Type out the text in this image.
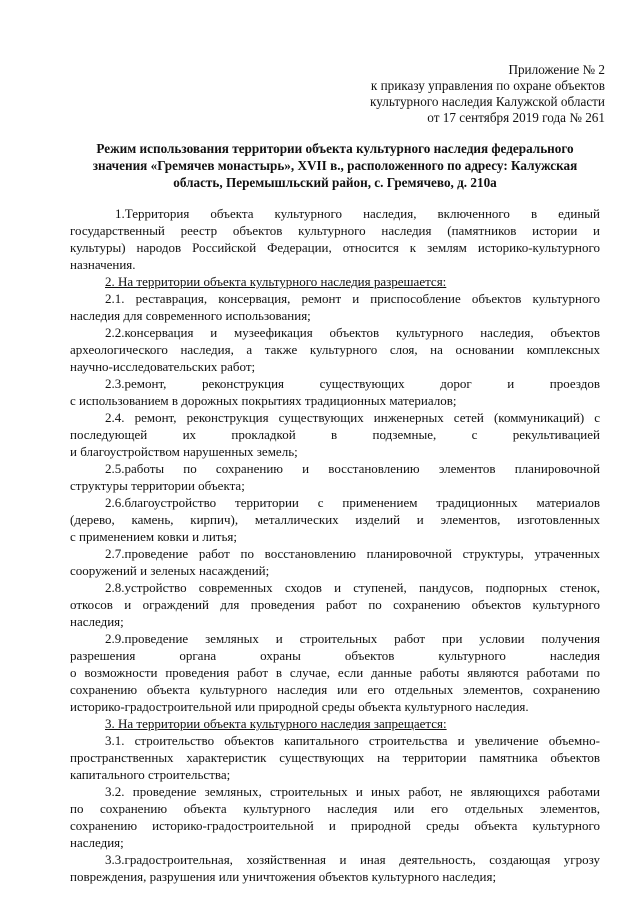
Приложение № 2
к приказу управления по охране объектов
культурного наследия Калужской области
от 17 сентября 2019 года № 261
Режим использования территории объекта культурного наследия федерального
значения «Гремячев монастырь», XVII в., расположенного по адресу: Калужская
область, Перемышльский район, с. Гремячево, д. 210а
1.Территория объекта культурного наследия, включенного в единый
государственный реестр объектов культурного наследия (памятников истории и
культуры) народов Российской Федерации, относится к землям историко-культурного
назначения.
2. На территории объекта культурного наследия разрешается:
2.1. реставрация, консервация, ремонт и приспособление объектов культурного
наследия для современного использования;
2.2.консервация и музеефикация объектов культурного наследия, объектов
археологического наследия, а также культурного слоя, на основании комплексных
научно-исследовательских работ;
2.3.ремонт, реконструкция существующих дорог и проездов
с использованием в дорожных покрытиях традиционных материалов;
2.4. ремонт, реконструкция существующих инженерных сетей (коммуникаций) с
последующей их прокладкой в подземные, с рекультивацией
и благоустройством нарушенных земель;
2.5.работы по сохранению и восстановлению элементов планировочной
структуры территории объекта;
2.6.благоустройство территории с применением традиционных материалов
(дерево, камень, кирпич), металлических изделий и элементов, изготовленных
с применением ковки и литья;
2.7.проведение работ по восстановлению планировочной структуры, утраченных
сооружений и зеленых насаждений;
2.8.устройство современных сходов и ступеней, пандусов, подпорных стенок,
откосов и ограждений для проведения работ по сохранению объектов культурного
наследия;
2.9.проведение земляных и строительных работ при условии получения
разрешения органа охраны объектов культурного наследия
о возможности проведения работ в случае, если данные работы являются работами по
сохранению объекта культурного наследия или его отдельных элементов, сохранению
историко-градостроительной или природной среды объекта культурного наследия.
3. На территории объекта культурного наследия запрещается:
3.1. строительство объектов капитального строительства и увеличение объемно-
пространственных характеристик существующих на территории памятника объектов
капитального строительства;
3.2. проведение земляных, строительных и иных работ, не являющихся работами
по сохранению объекта культурного наследия или его отдельных элементов,
сохранению историко-градостроительной и природной среды объекта культурного
наследия;
3.3.градостроительная, хозяйственная и иная деятельность, создающая угрозу
повреждения, разрушения или уничтожения объектов культурного наследия;
